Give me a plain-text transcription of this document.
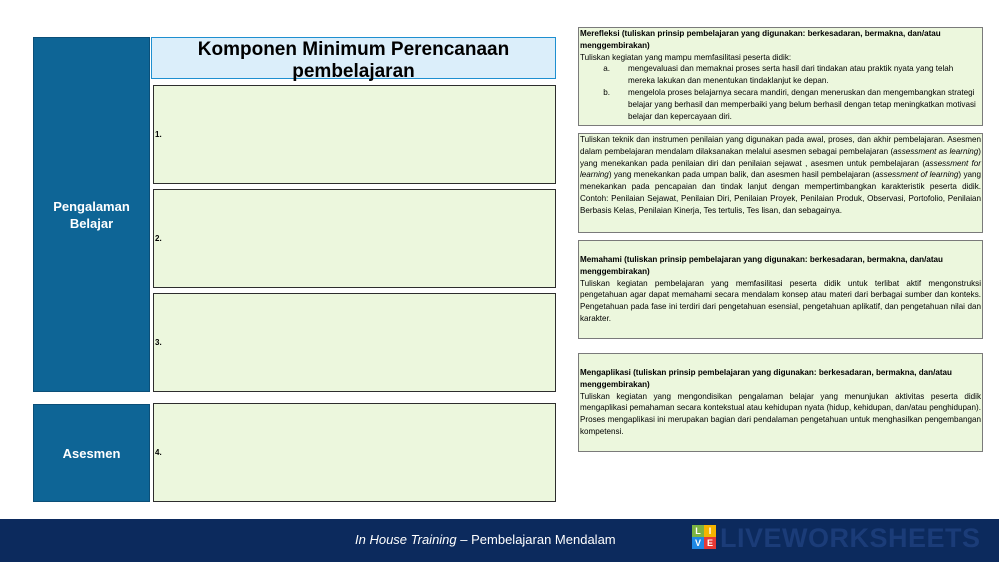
Pengalaman
Belajar
Asesmen
Komponen Minimum Perencanaan
pembelajaran
1.
2.
3.
4.
Merefleksi (tuliskan prinsip pembelajaran yang digunakan: berkesadaran, bermakna, dan/atau menggembirakan)
Tuliskan kegiatan yang mampu memfasilitasi peserta didik:
a.	mengevaluasi dan memaknai proses serta hasil dari tindakan atau praktik nyata yang telah mereka lakukan dan menentukan tindaklanjut ke depan.
b.	mengelola proses belajarnya secara mandiri, dengan meneruskan dan mengembangkan strategi belajar yang berhasil dan memperbaiki yang belum berhasil dengan tetap meningkatkan motivasi belajar dan kepercayaan diri.
Tuliskan teknik dan instrumen penilaian yang digunakan pada awal, proses, dan akhir pembelajaran. Asesmen dalam pembelajaran mendalam dilaksanakan melalui asesmen sebagai pembelajaran (assessment as learning) yang menekankan pada penilaian diri dan penilaian sejawat , asesmen untuk pembelajaran (assessment for learning) yang menekankan pada umpan balik, dan asesmen hasil pembelajaran (assessment of learning) yang menekankan pada pencapaian dan tindak lanjut dengan mempertimbangkan karakteristik peserta didik. Contoh: Penilaian Sejawat, Penilaian Diri, Penilaian Proyek, Penilaian Produk, Observasi, Portofolio, Penilaian Berbasis Kelas, Penilaian Kinerja, Tes tertulis, Tes lisan, dan sebagainya.
Memahami (tuliskan prinsip pembelajaran yang digunakan: berkesadaran, bermakna, dan/atau menggembirakan)
Tuliskan kegiatan pembelajaran yang memfasilitasi peserta didik untuk terlibat aktif mengonstruksi pengetahuan agar dapat memahami secara mendalam konsep atau materi dari berbagai sumber dan konteks. Pengetahuan pada fase ini terdiri dari pengetahuan esensial, pengetahuan aplikatif, dan pengetahuan nilai dan karakter.
Mengaplikasi (tuliskan prinsip pembelajaran yang digunakan: berkesadaran, bermakna, dan/atau menggembirakan)
Tuliskan kegiatan yang mengondisikan pengalaman belajar yang menunjukan aktivitas peserta didik mengaplikasi pemahaman secara kontekstual atau kehidupan nyata (hidup, kehidupan, dan/atau penghidupan). Proses mengaplikasi ini merupakan bagian dari pendalaman pengetahuan untuk menghasilkan pengembangan kompetensi.
In House Training – Pembelajaran Mendalam
L I
V E LIVEWORKSHEETS
